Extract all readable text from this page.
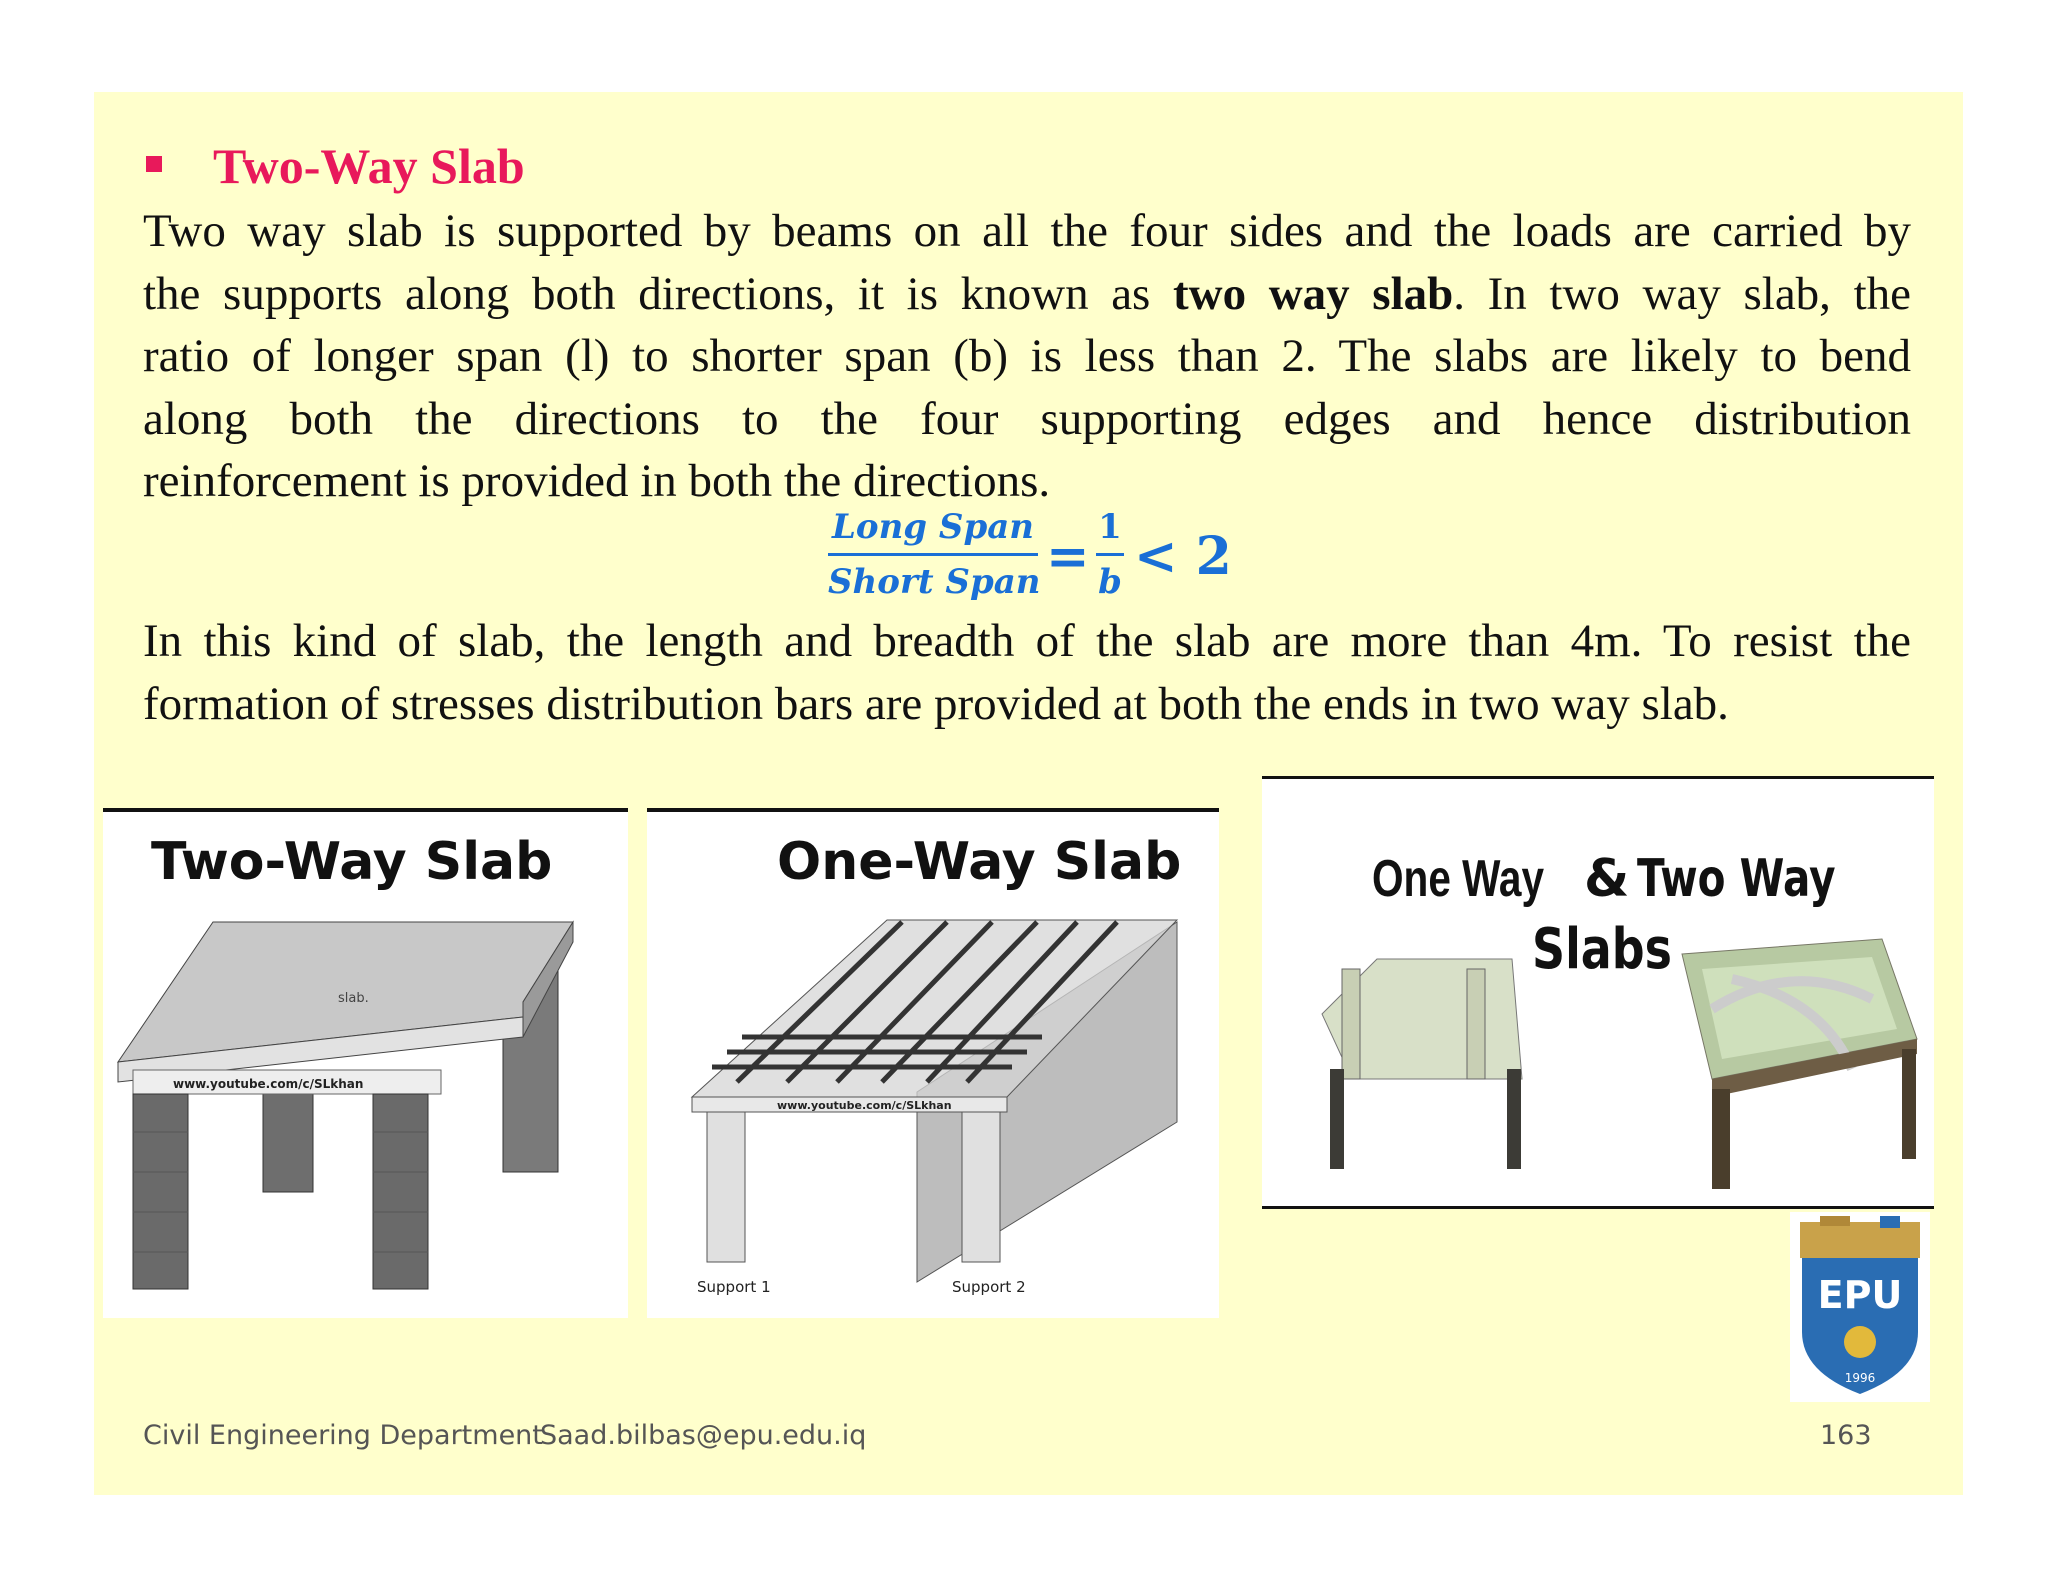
Two-Way Slab
Two way slab is supported by beams on all the four sides and the loads are carried by
the supports along both directions, it is known as two way slab. In two way slab, the
ratio of longer span (l) to shorter span (b) is less than 2. The slabs are likely to bend
along both the directions to the four supporting edges and hence distribution
reinforcement is provided in both the directions.
Long Span
Short Span = 1
b < 2
In this kind of slab, the length and breadth of the slab are more than 4m. To resist the
formation of stresses distribution bars are provided at both the ends in two way slab.
Two-Way Slab
slab.
www.youtube.com/c/SLkhan
One-Way Slab
www.youtube.com/c/SLkhan
Support 1	Support 2
One Way & Two Way
Slabs
EPU
1996
Civil Engineering Department
Saad.bilbas@epu.edu.iq	163
